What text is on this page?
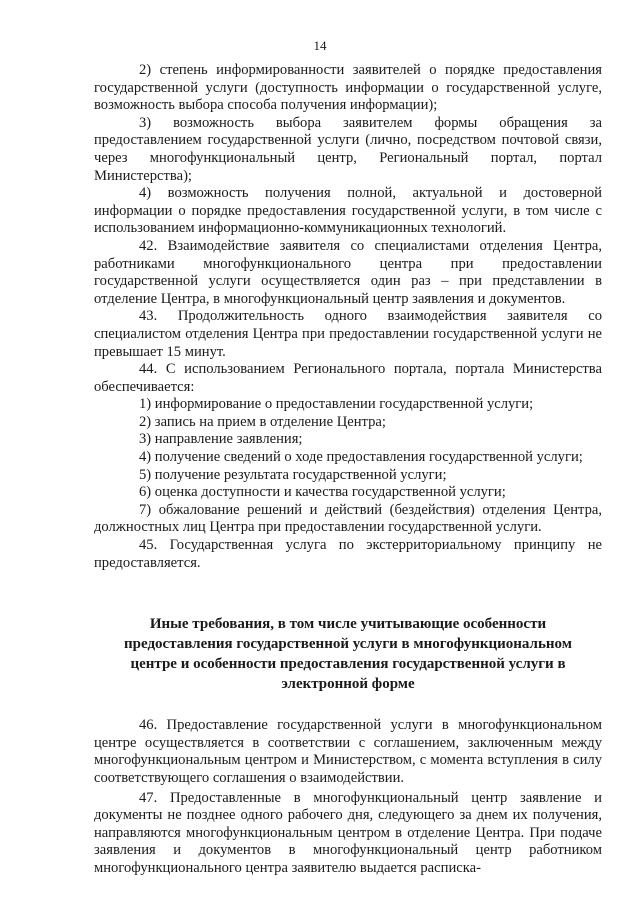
14

2) степень информированности заявителей о порядке предоставления государственной услуги (доступность информации о государственной услуге, возможность выбора способа получения информации);

3) возможность выбора заявителем формы обращения за предоставлением государственной услуги (лично, посредством почтовой связи, через многофункциональный центр, Региональный портал, портал Министерства);

4) возможность получения полной, актуальной и достоверной информации о порядке предоставления государственной услуги, в том числе с использованием информационно-коммуникационных технологий.

42. Взаимодействие заявителя со специалистами отделения Центра, работниками многофункционального центра при предоставлении государственной услуги осуществляется один раз – при представлении в отделение Центра, в многофункциональный центр заявления и документов.

43. Продолжительность одного взаимодействия заявителя со специалистом отделения Центра при предоставлении государственной услуги не превышает 15 минут.

44. С использованием Регионального портала, портала Министерства обеспечивается:

1) информирование о предоставлении государственной услуги;

2) запись на прием в отделение Центра;

3) направление заявления;

4) получение сведений о ходе предоставления государственной услуги;

5) получение результата государственной услуги;

6) оценка доступности и качества государственной услуги;

7) обжалование решений и действий (бездействия) отделения Центра, должностных лиц Центра при предоставлении государственной услуги.

45. Государственная услуга по экстерриториальному принципу не предоставляется.

Иные требования, в том числе учитывающие особенности
предоставления государственной услуги в многофункциональном
центре и особенности предоставления государственной услуги в
электронной форме

46. Предоставление государственной услуги в многофункциональном центре осуществляется в соответствии с соглашением, заключенным между многофункциональным центром и Министерством, с момента вступления в силу соответствующего соглашения о взаимодействии.

47. Предоставленные в многофункциональный центр заявление и документы не позднее одного рабочего дня, следующего за днем их получения, направляются многофункциональным центром в отделение Центра. При подаче заявления и документов в многофункциональный центр работником многофункционального центра заявителю выдается расписка-
